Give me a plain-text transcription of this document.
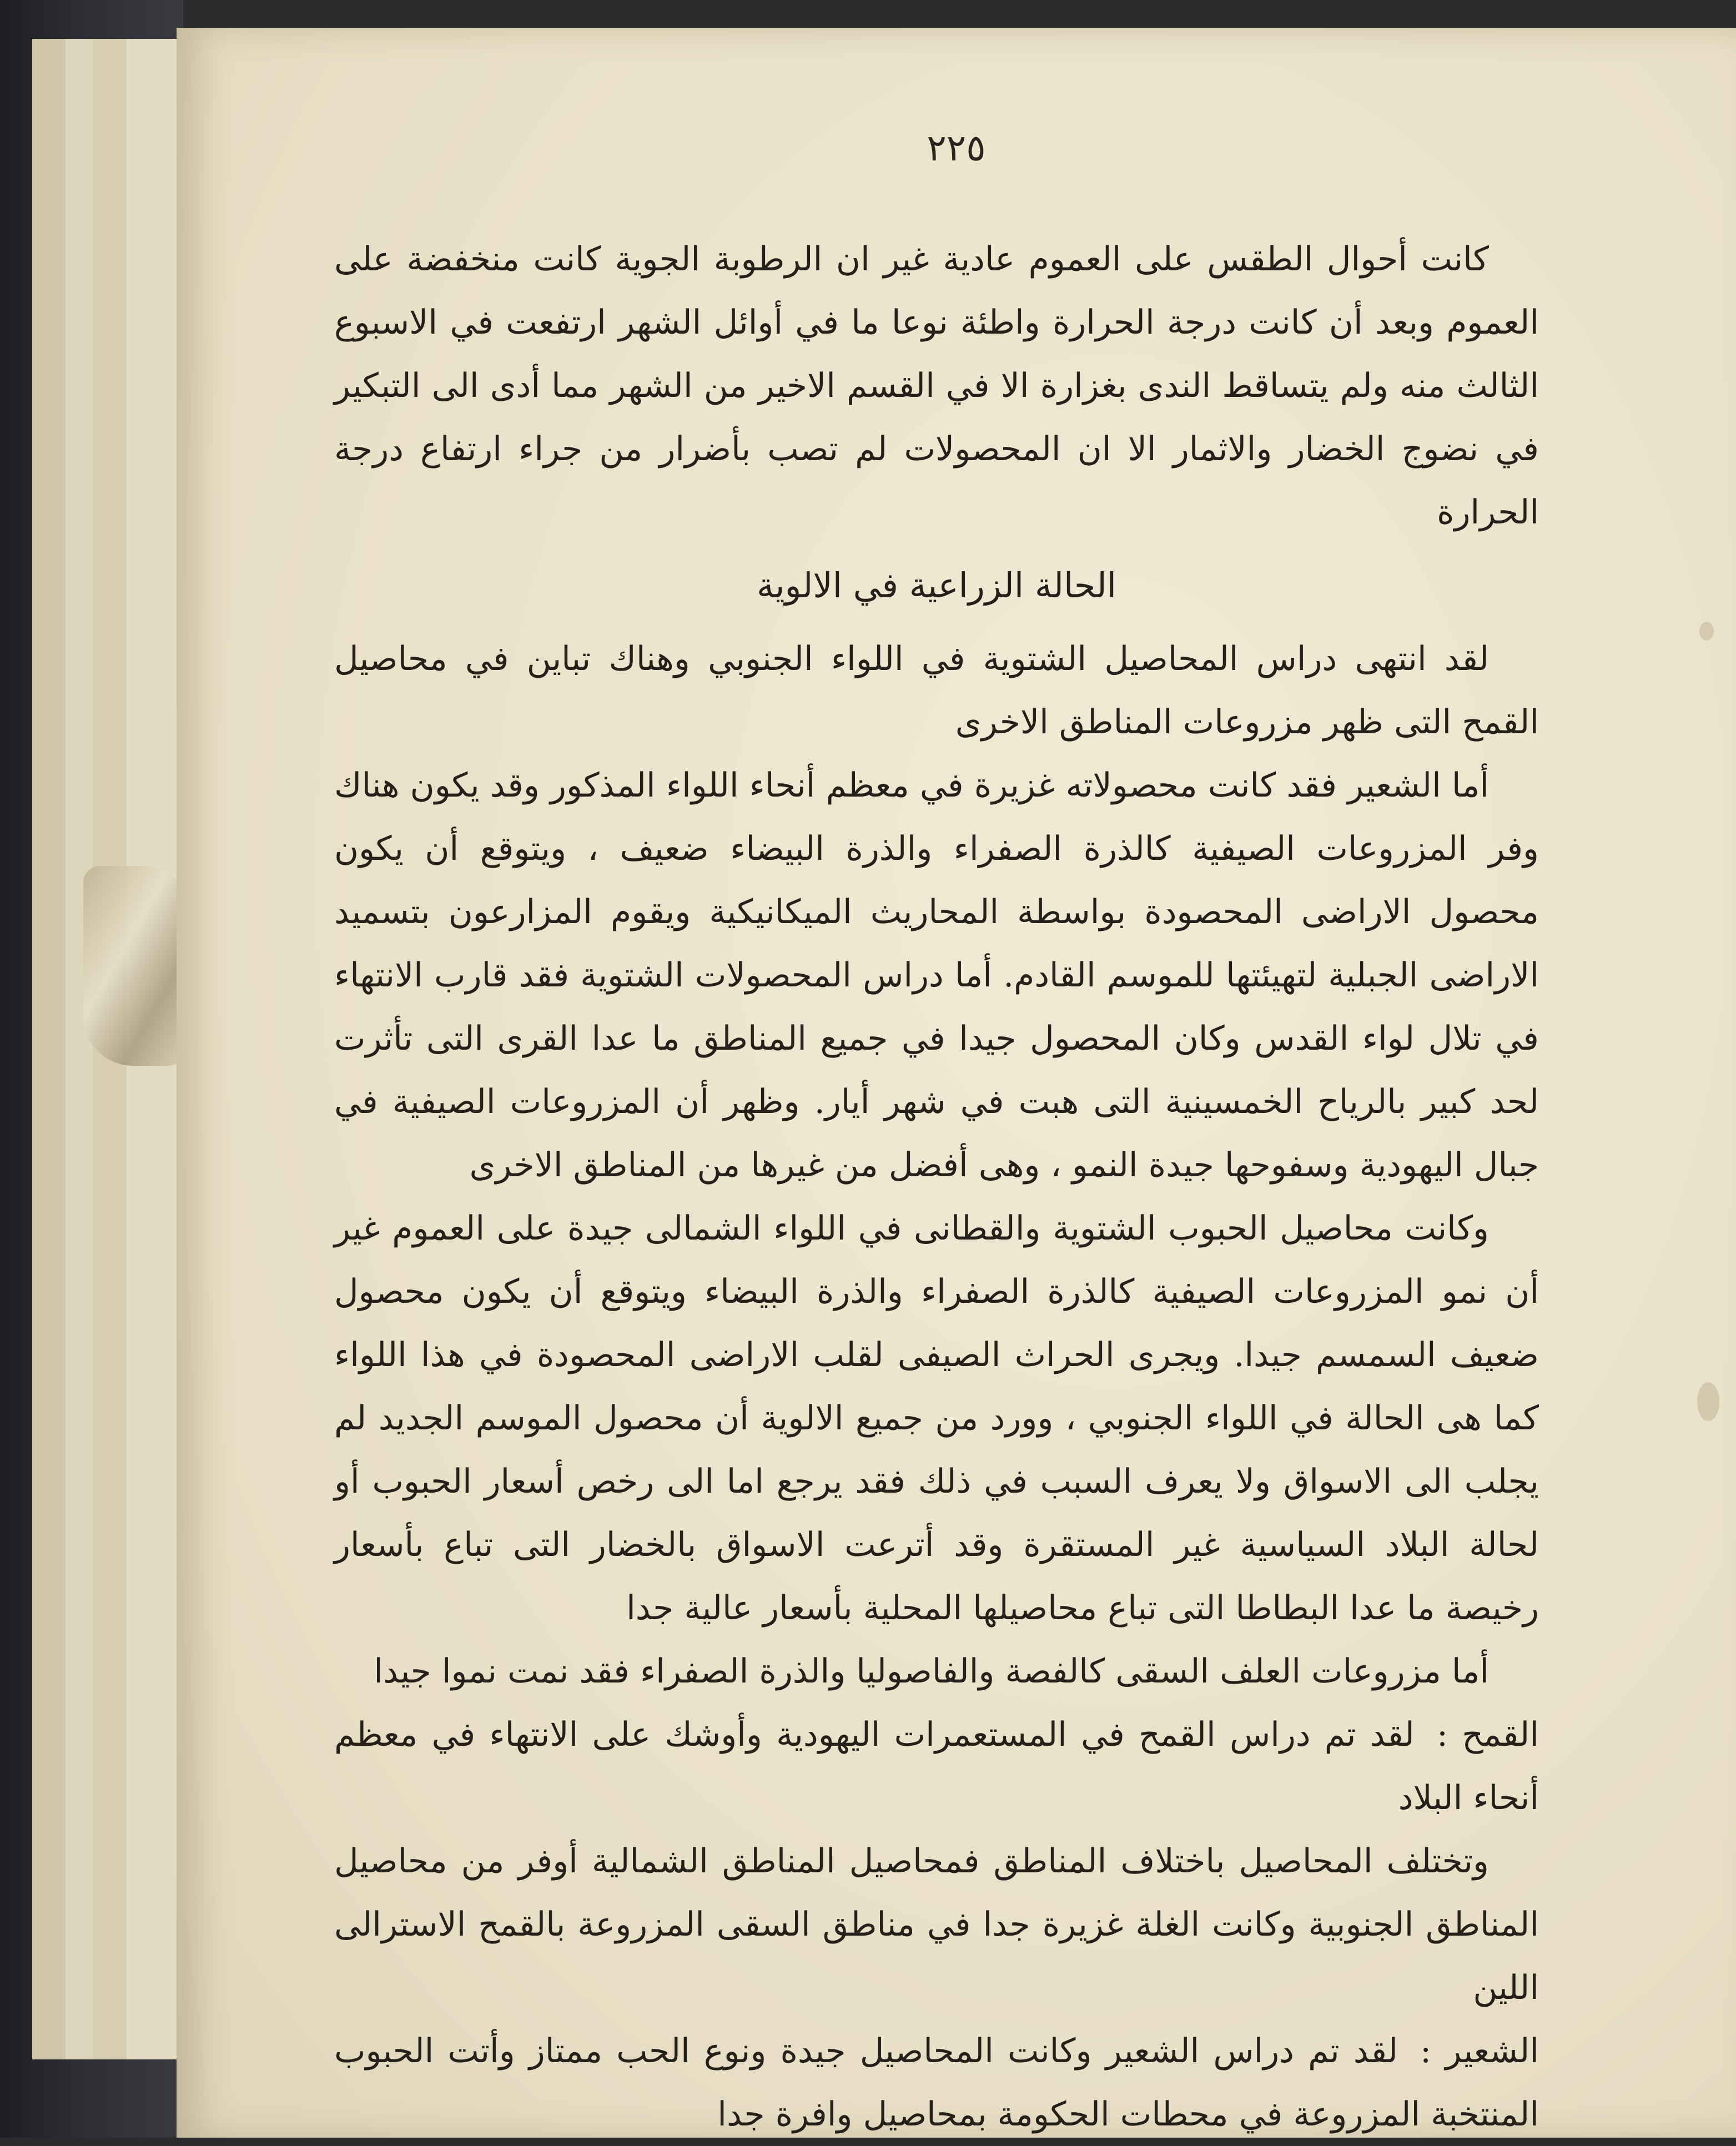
٢٢٥

كانت أحوال الطقس على العموم عادية غير ان الرطوبة الجوية كانت منخفضة على العموم وبعد أن كانت درجة الحرارة واطئة نوعا ما في أوائل الشهر ارتفعت في الاسبوع الثالث منه ولم يتساقط الندى بغزارة الا في القسم الاخير من الشهر مما أدى الى التبكير في نضوج الخضار والاثمار الا ان المحصولات لم تصب بأضرار من جراء ارتفاع درجة الحرارة

الحالة الزراعية في الالوية

لقد انتهى دراس المحاصيل الشتوية في اللواء الجنوبي وهناك تباين في محاصيل القمح التى ظهر مزروعات المناطق الاخرى

أما الشعير فقد كانت محصولاته غزيرة في معظم أنحاء اللواء المذكور وقد يكون هناك وفر المزروعات الصيفية كالذرة الصفراء والذرة البيضاء ضعيف ، ويتوقع أن يكون محصول الاراضى المحصودة بواسطة المحاريث الميكانيكية ويقوم المزارعون بتسميد الاراضى الجبلية لتهيئتها للموسم القادم. أما دراس المحصولات الشتوية فقد قارب الانتهاء في تلال لواء القدس وكان المحصول جيدا في جميع المناطق ما عدا القرى التى تأثرت لحد كبير بالرياح الخمسينية التى هبت في شهر أيار. وظهر أن المزروعات الصيفية في جبال اليهودية وسفوحها جيدة النمو ، وهى أفضل من غيرها من المناطق الاخرى

وكانت محاصيل الحبوب الشتوية والقطانى في اللواء الشمالى جيدة على العموم غير أن نمو المزروعات الصيفية كالذرة الصفراء والذرة البيضاء ويتوقع أن يكون محصول ضعيف السمسم جيدا. ويجرى الحراث الصيفى لقلب الاراضى المحصودة في هذا اللواء كما هى الحالة في اللواء الجنوبي ، وورد من جميع الالوية أن محصول الموسم الجديد لم يجلب الى الاسواق ولا يعرف السبب في ذلك فقد يرجع اما الى رخص أسعار الحبوب أو لحالة البلاد السياسية غير المستقرة وقد أترعت الاسواق بالخضار التى تباع بأسعار رخيصة ما عدا البطاطا التى تباع محاصيلها المحلية بأسعار عالية جدا

أما مزروعات العلف السقى كالفصة والفاصوليا والذرة الصفراء فقد نمت نموا جيدا

القمح :لقد تم دراس القمح في المستعمرات اليهودية وأوشك على الانتهاء في معظم أنحاء البلاد

وتختلف المحاصيل باختلاف المناطق فمحاصيل المناطق الشمالية أوفر من محاصيل المناطق الجنوبية وكانت الغلة غزيرة جدا في مناطق السقى المزروعة بالقمح الاسترالى اللين

الشعير :لقد تم دراس الشعير وكانت المحاصيل جيدة ونوع الحب ممتاز وأتت الحبوب المنتخبة المزروعة في محطات الحكومة بمحاصيل وافرة جدا
